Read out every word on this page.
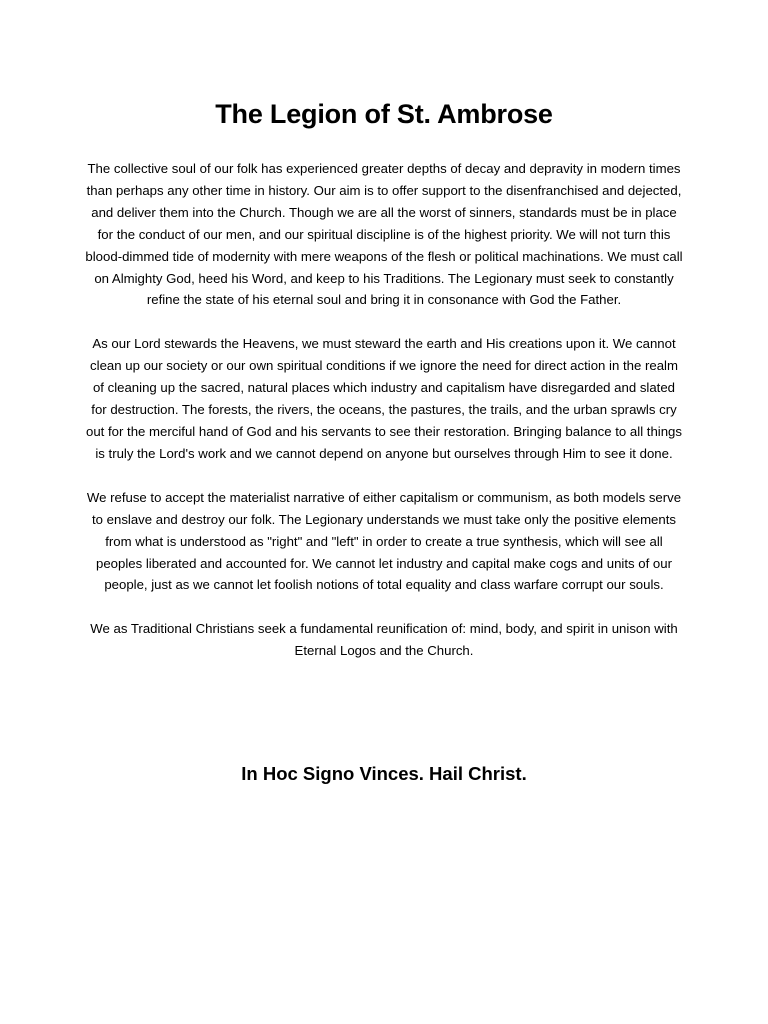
The Legion of St. Ambrose

The collective soul of our folk has experienced greater depths of decay and depravity in modern times than perhaps any other time in history. Our aim is to offer support to the disenfranchised and dejected, and deliver them into the Church. Though we are all the worst of sinners, standards must be in place for the conduct of our men, and our spiritual discipline is of the highest priority. We will not turn this blood-dimmed tide of modernity with mere weapons of the flesh or political machinations. We must call on Almighty God, heed his Word, and keep to his Traditions. The Legionary must seek to constantly refine the state of his eternal soul and bring it in consonance with God the Father.

As our Lord stewards the Heavens, we must steward the earth and His creations upon it. We cannot clean up our society or our own spiritual conditions if we ignore the need for direct action in the realm of cleaning up the sacred, natural places which industry and capitalism have disregarded and slated for destruction. The forests, the rivers, the oceans, the pastures, the trails, and the urban sprawls cry out for the merciful hand of God and his servants to see their restoration. Bringing balance to all things is truly the Lord's work and we cannot depend on anyone but ourselves through Him to see it done.

We refuse to accept the materialist narrative of either capitalism or communism, as both models serve to enslave and destroy our folk. The Legionary understands we must take only the positive elements from what is understood as "right" and "left" in order to create a true synthesis, which will see all peoples liberated and accounted for. We cannot let industry and capital make cogs and units of our people, just as we cannot let foolish notions of total equality and class warfare corrupt our souls.

We as Traditional Christians seek a fundamental reunification of: mind, body, and spirit in unison with Eternal Logos and the Church.

In Hoc Signo Vinces. Hail Christ.
